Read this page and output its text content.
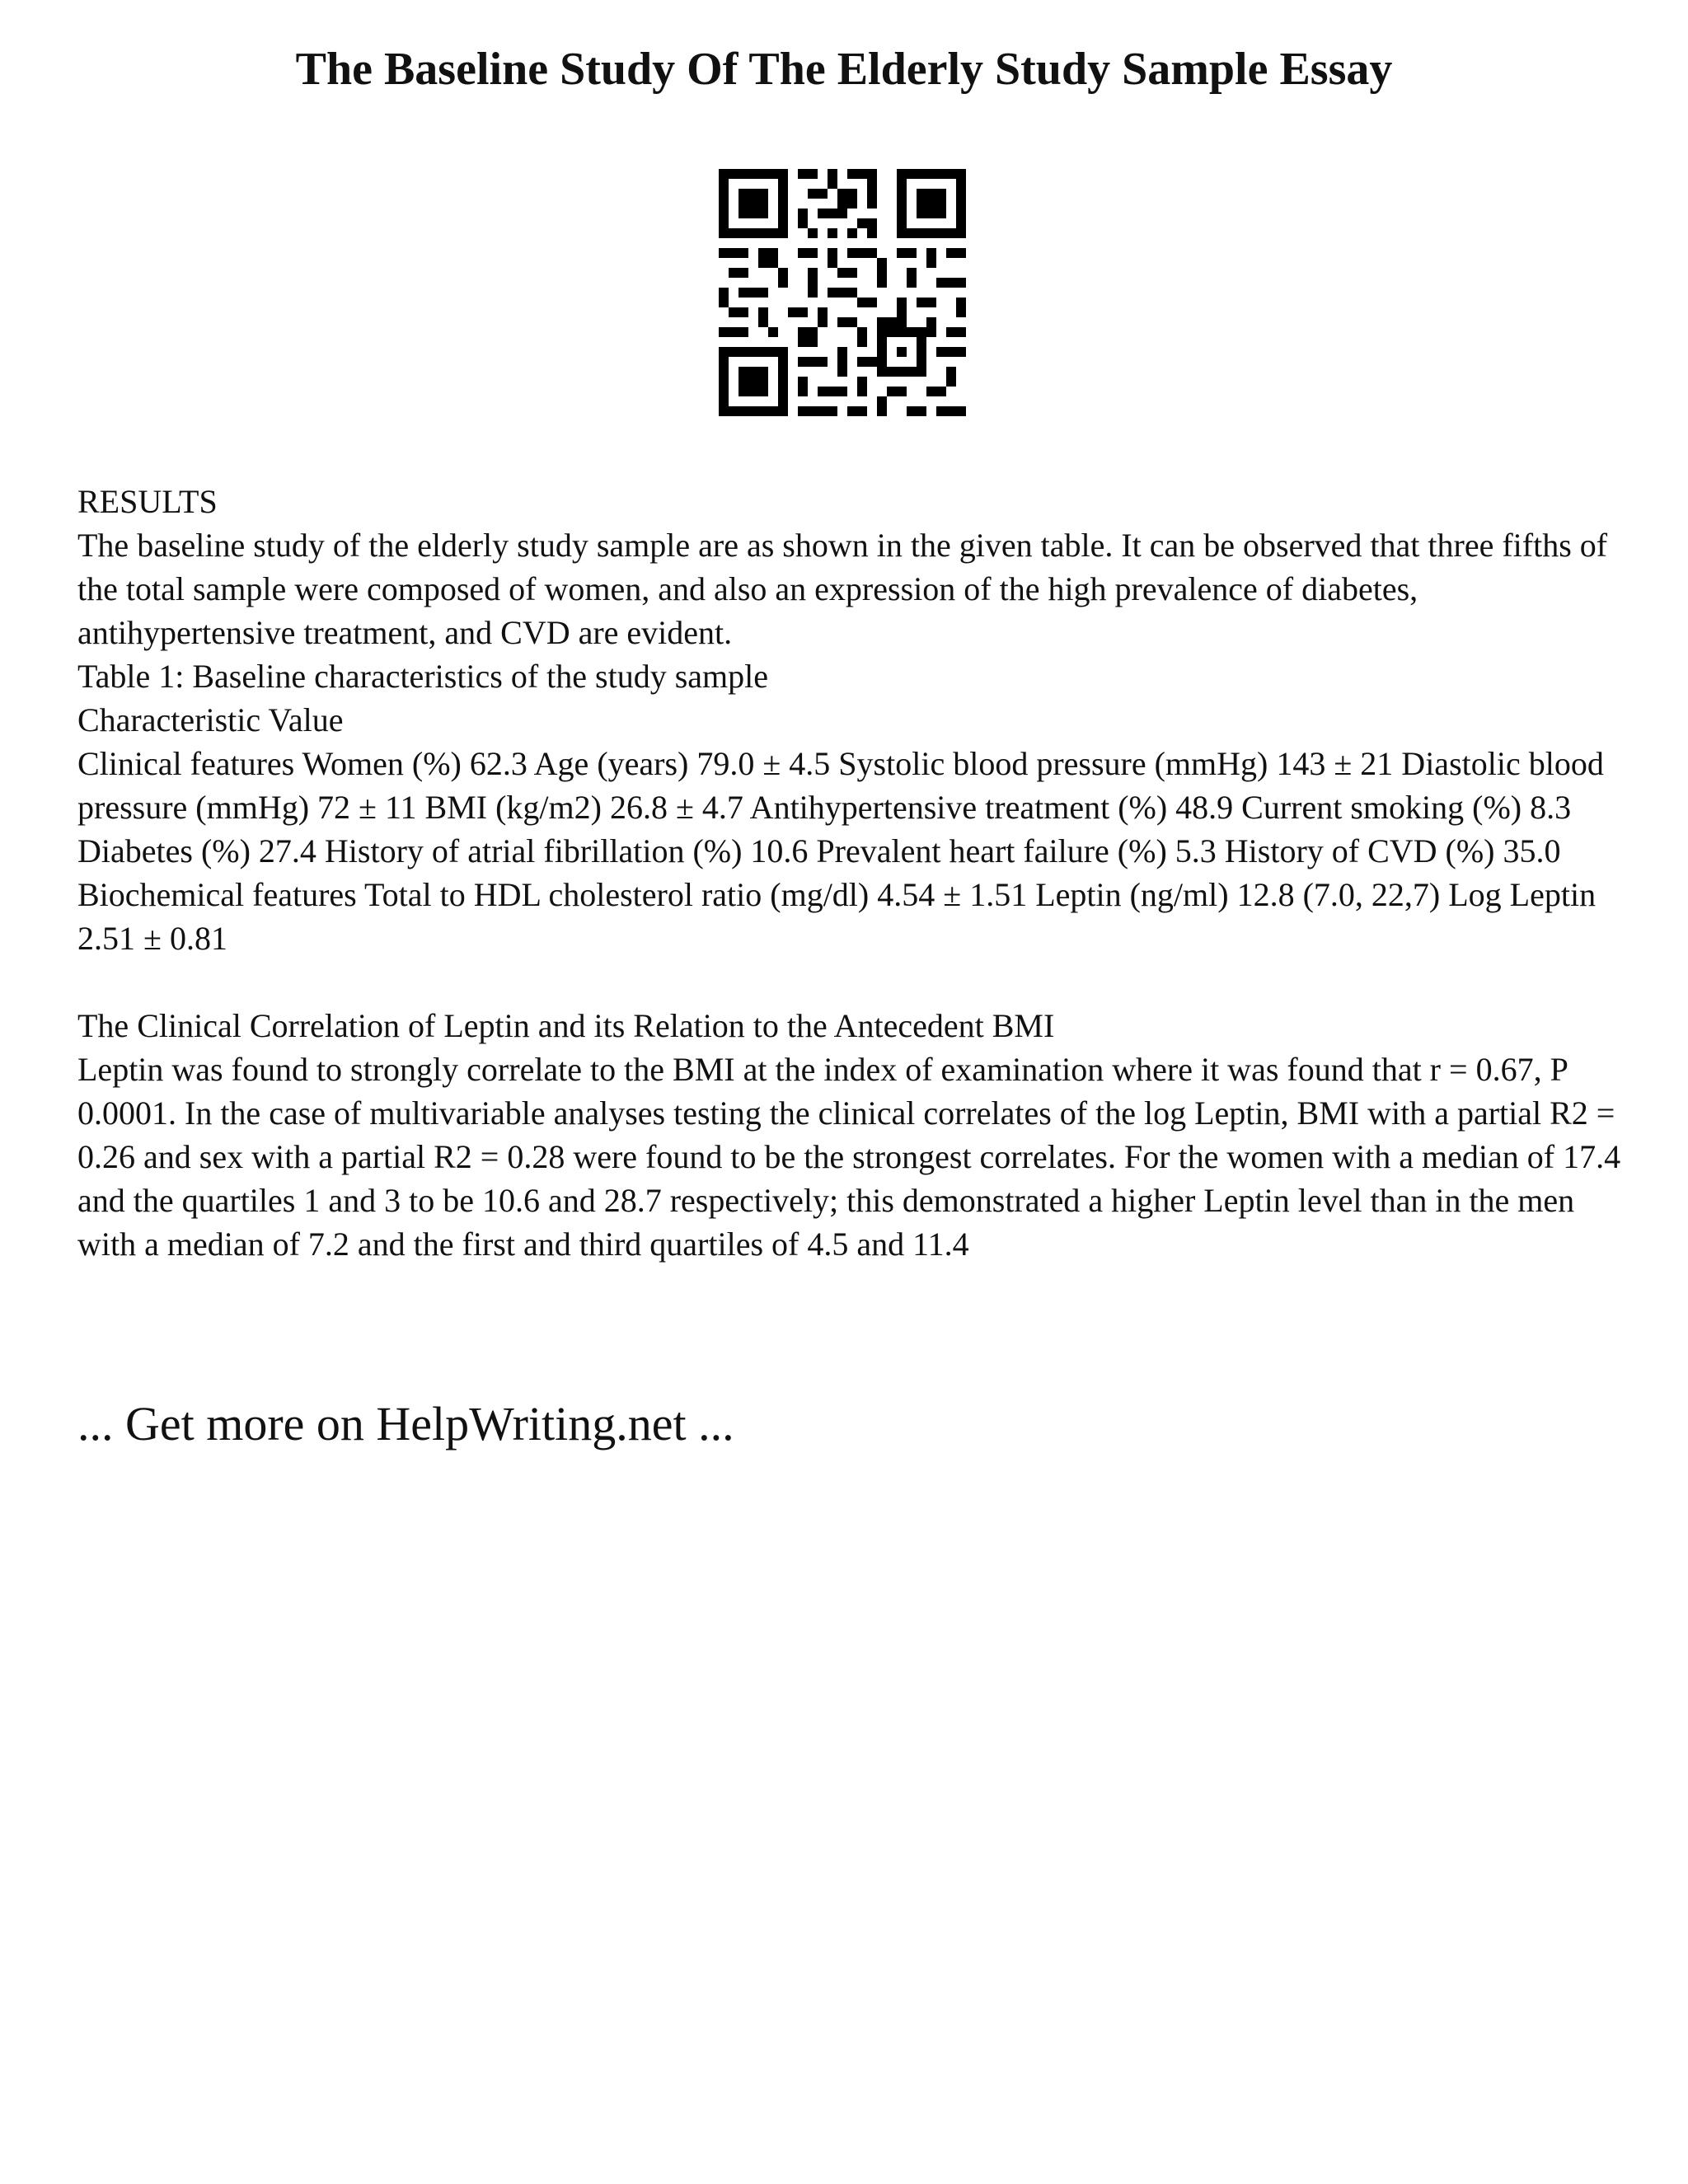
The Baseline Study Of The Elderly Study Sample Essay

RESULTS

The baseline study of the elderly study sample are as shown in the given table. It can be observed that three fifths of the total sample were composed of women, and also an expression of the high prevalence of diabetes, antihypertensive treatment, and CVD are evident.

Table 1: Baseline characteristics of the study sample

Characteristic Value

Clinical features Women (%) 62.3 Age (years) 79.0 ± 4.5 Systolic blood pressure (mmHg) 143 ± 21 Diastolic blood pressure (mmHg) 72 ± 11 BMI (kg/m2) 26.8 ± 4.7 Antihypertensive treatment (%) 48.9 Current smoking (%) 8.3 Diabetes (%) 27.4 History of atrial fibrillation (%) 10.6 Prevalent heart failure (%) 5.3 History of CVD (%) 35.0

Biochemical features Total to HDL cholesterol ratio (mg/dl) 4.54 ± 1.51 Leptin (ng/ml) 12.8 (7.0, 22,7) Log Leptin 2.51 ± 0.81

The Clinical Correlation of Leptin and its Relation to the Antecedent BMI

Leptin was found to strongly correlate to the BMI at the index of examination where it was found that r = 0.67, P 0.0001. In the case of multivariable analyses testing the clinical correlates of the log Leptin, BMI with a partial R2 = 0.26 and sex with a partial R2 = 0.28 were found to be the strongest correlates. For the women with a median of 17.4 and the quartiles 1 and 3 to be 10.6 and 28.7 respectively; this demonstrated a higher Leptin level than in the men with a median of 7.2 and the first and third quartiles of 4.5 and 11.4

... Get more on HelpWriting.net ...
